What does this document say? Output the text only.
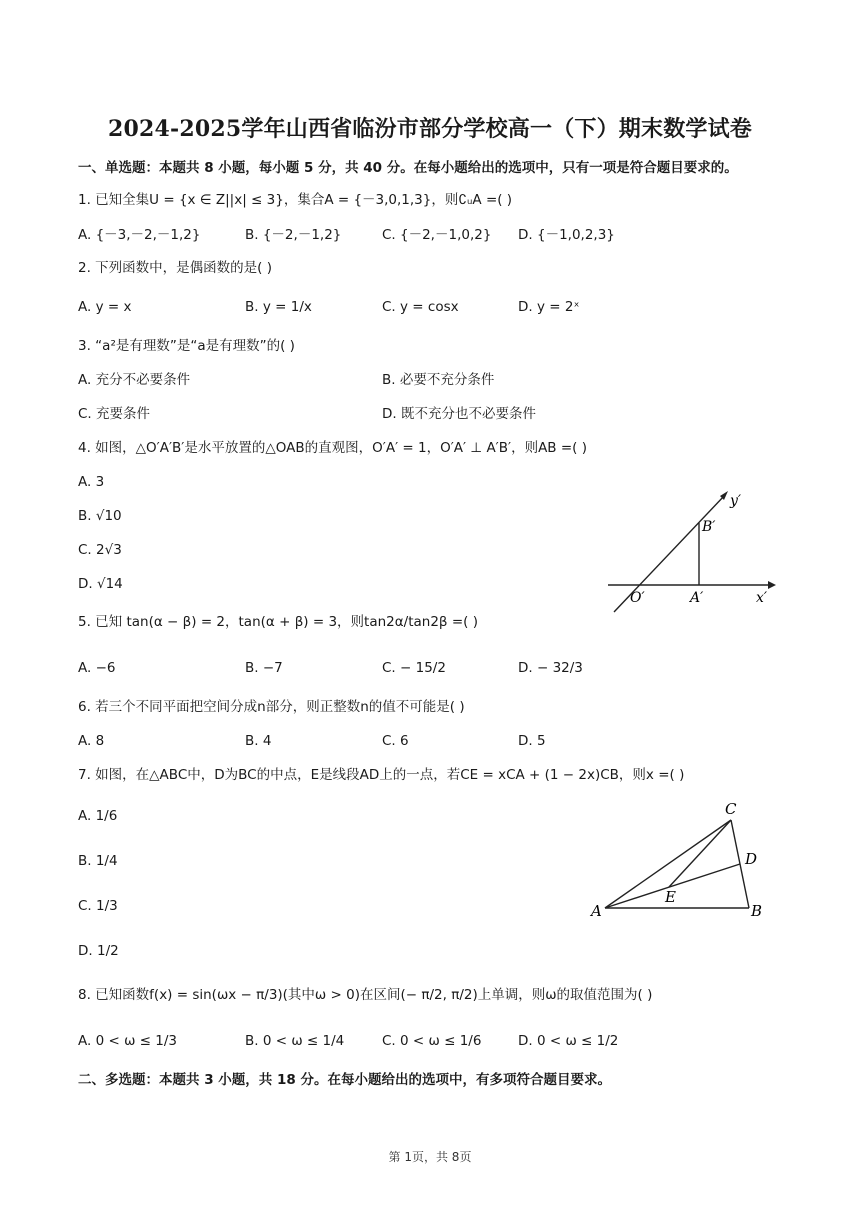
2024-2025学年山西省临汾市部分学校高一（下）期末数学试卷
一、单选题：本题共 8 小题，每小题 5 分，共 40 分。在每小题给出的选项中，只有一项是符合题目要求的。
1. 已知全集U = {x ∈ Z||x| ≤ 3}，集合A = {－3,0,1,3}，则∁ᵤA =( )
A. {－3,－2,－1,2}	B. {－2,－1,2}	C. {－2,－1,0,2} D. {－1,0,2,3}
2. 下列函数中，是偶函数的是( )
A. y = x	B. y = 1/x	C. y = cosx	D. y = 2ˣ
3. “a²是有理数”是“a是有理数”的( )
A. 充分不必要条件	B. 必要不充分条件
C. 充要条件	D. 既不充分也不必要条件
4. 如图，△O′A′B′是水平放置的△OAB的直观图，O′A′ = 1，O′A′ ⊥ A′B′，则AB =( )
A. 3
B. √10
C. 2√3
D. √14
y′
B′
O′	A′	x′
5. 已知 tan(α − β) = 2，tan(α + β) = 3，则tan2α/tan2β =( )
A. −6	B. −7	C. − 15/2	D. − 32/3
6. 若三个不同平面把空间分成n部分，则正整数n的值不可能是( )
A. 8	B. 4	C. 6	D. 5
7. 如图，在△ABC中，D为BC的中点，E是线段AD上的一点，若CE = xCA + (1 − 2x)CB，则x =( )
A. 1/6
B. 1/4
C. 1/3
D. 1/2
C
D
E
A	B
8. 已知函数f(x) = sin(ωx − π/3)(其中ω > 0)在区间(− π/2, π/2)上单调，则ω的取值范围为( )
A. 0 < ω ≤ 1/3	B. 0 < ω ≤ 1/4	C. 0 < ω ≤ 1/6	D. 0 < ω ≤ 1/2
二、多选题：本题共 3 小题，共 18 分。在每小题给出的选项中，有多项符合题目要求。
第 1页，共 8页
